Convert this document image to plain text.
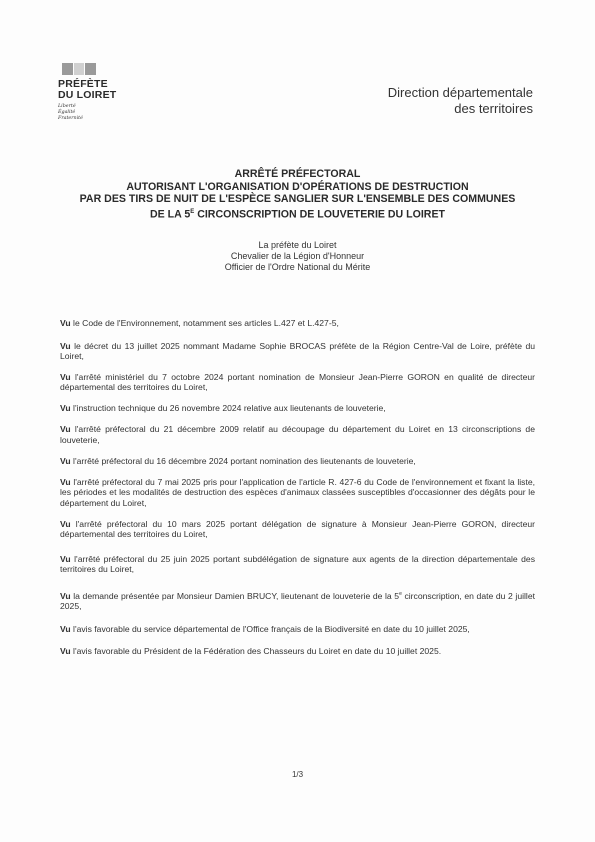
PRÉFÈTE
DU LOIRET
Liberté
Égalité
Fraternité
Direction départementale
des territoires
ARRÊTÉ PRÉFECTORAL
AUTORISANT L'ORGANISATION D'OPÉRATIONS DE DESTRUCTION
PAR DES TIRS DE NUIT DE L'ESPÈCE SANGLIER SUR L'ENSEMBLE DES COMMUNES
DE LA $5^E$ CIRCONSCRIPTION DE LOUVETERIE DU LOIRET
La préfète du Loiret
Chevalier de la Légion d'Honneur
Officier de l'Ordre National du Mérite

Vu le Code de l'Environnement, notamment ses articles L.427 et L.427-5,

Vu le décret du 13 juillet 2025 nommant Madame Sophie BROCAS préfète de la Région Centre-Val de Loire, préfète du Loiret,

Vu l'arrêté ministériel du 7 octobre 2024 portant nomination de Monsieur Jean-Pierre GORON en qualité de directeur départemental des territoires du Loiret,

Vu l'instruction technique du 26 novembre 2024 relative aux lieutenants de louveterie,

Vu l'arrêté préfectoral du 21 décembre 2009 relatif au découpage du département du Loiret en 13 circonscriptions de louveterie,

Vu l'arrêté préfectoral du 16 décembre 2024 portant nomination des lieutenants de louveterie,

Vu l'arrêté préfectoral du 7 mai 2025 pris pour l'application de l'article R. 427-6 du Code de l'environnement et fixant la liste, les périodes et les modalités de destruction des espèces d'animaux classées susceptibles d'occasionner des dégâts pour le département du Loiret,

Vu l'arrêté préfectoral du 10 mars 2025 portant délégation de signature à Monsieur Jean-Pierre GORON, directeur départemental des territoires du Loiret,

Vu l'arrêté préfectoral du 25 juin 2025 portant subdélégation de signature aux agents de la direction départementale des territoires du Loiret,

Vu la demande présentée par Monsieur Damien BRUCY, lieutenant de louveterie de la 5e circonscription, en date du 2 juillet 2025,

Vu l'avis favorable du service départemental de l'Office français de la Biodiversité en date du 10 juillet 2025,

Vu l'avis favorable du Président de la Fédération des Chasseurs du Loiret en date du 10 juillet 2025.

1/3
